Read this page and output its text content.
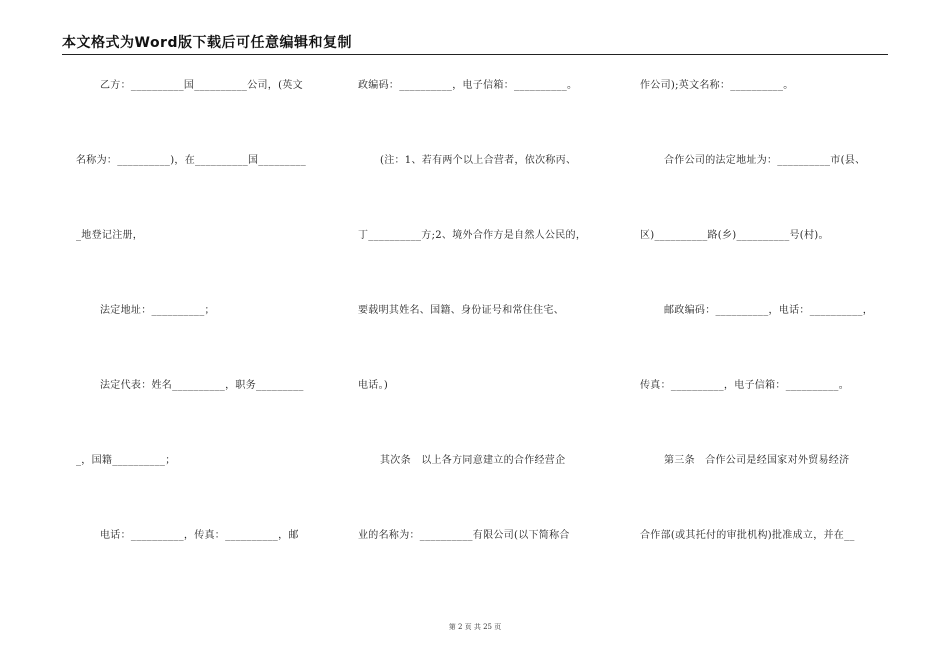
本文格式为Word版下载后可任意编辑和复制
乙方：__________国__________公司，(英文
名称为：__________)，在__________国_________
_地登记注册，
法定地址：__________；
法定代表：姓名__________，职务_________
_，国籍__________；
电话：__________，传真：__________，邮
政编码：__________，电子信箱：__________。
(注：1、若有两个以上合营者，依次称丙、
丁__________方;2、境外合作方是自然人公民的，
要载明其姓名、国籍、身份证号和常住住宅、
电话。)
其次条　以上各方同意建立的合作经营企
业的名称为：__________有限公司(以下简称合
作公司);英文名称：__________。
合作公司的法定地址为：__________市(县、
区)__________路(乡)__________号(村)。
邮政编码：__________，电话：__________，
传真：__________，电子信箱：__________。
第三条　合作公司是经国家对外贸易经济
合作部(或其托付的审批机构)批准成立，并在__
第 2 页 共 25 页
